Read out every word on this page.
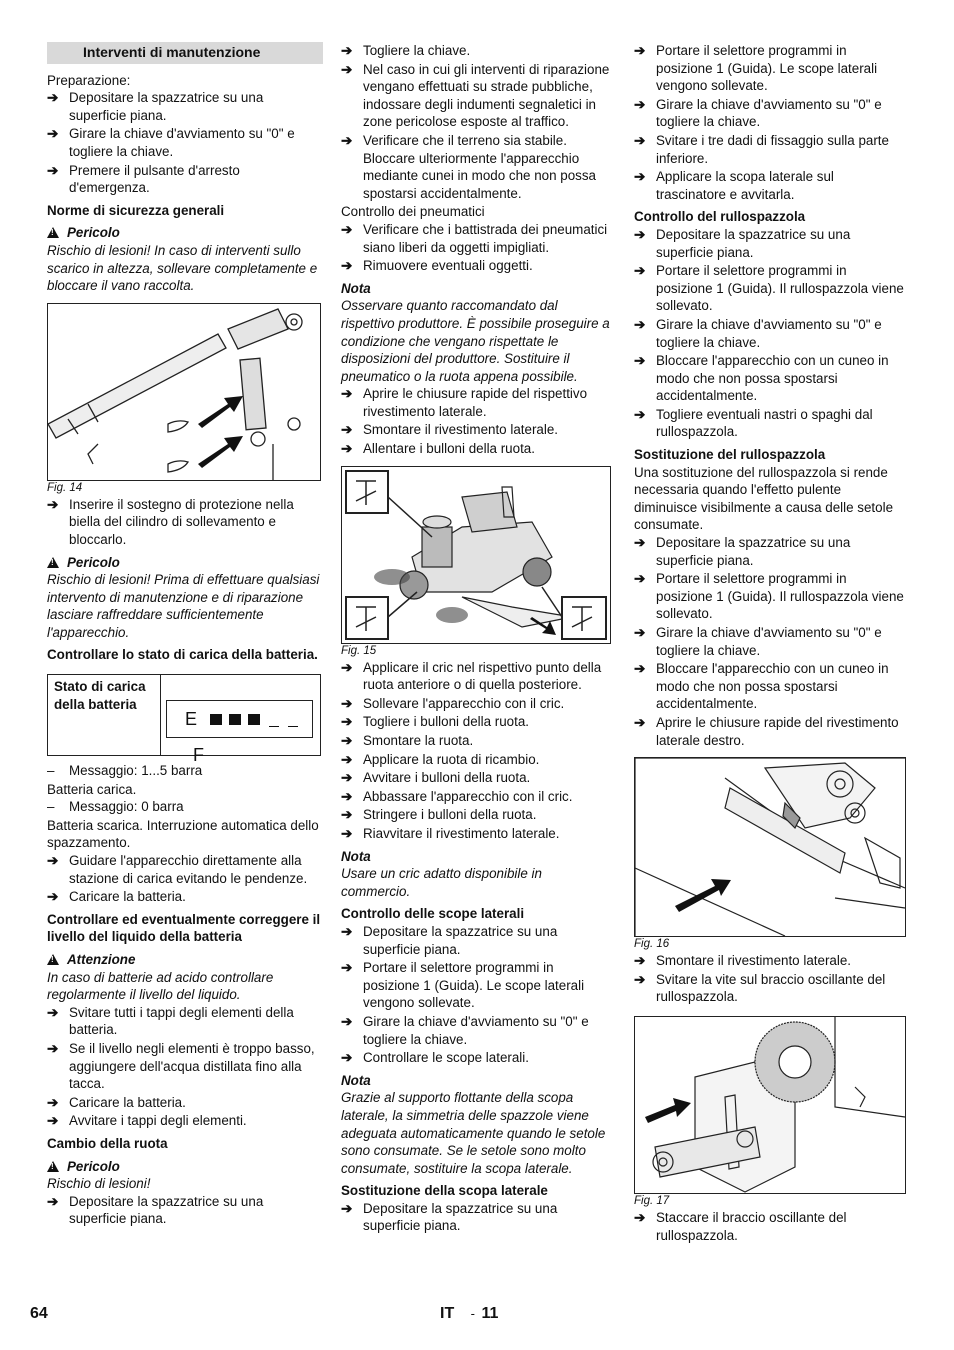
Interventi di manutenzione

Preparazione:

➔ Depositare la spazzatrice su una superficie piana.
➔ Girare la chiave d'avviamento su "0" e togliere la chiave.
➔ Premere il pulsante d'arresto d'emergenza.

Norme di sicurezza generali

!Pericolo

Rischio di lesioni! In caso di interventi sullo scarico in altezza, sollevare completamente e bloccare il vano raccolta.

Fig. 14

➔ Inserire il sostegno di protezione nella biella del cilindro di sollevamento e bloccarlo.

!Pericolo

Rischio di lesioni! Prima di effettuare qualsiasi intervento di manutenzione e di riparazione lasciare raffreddare sufficientemente l'apparecchio.

Controllare lo stato di carica della batteria.

Stato di carica della batteria	
E      F
– Messaggio: 1...5 barra

Batteria carica.

– Messaggio: 0 barra

Batteria scarica. Interruzione automatica dello spazzamento.

➔ Guidare l'apparecchio direttamente alla stazione di carica evitando le pendenze.
➔ Caricare la batteria.

Controllare ed eventualmente correggere il livello del liquido della batteria

!Attenzione

In caso di batterie ad acido controllare regolarmente il livello del liquido.

➔ Svitare tutti i tappi degli elementi della batteria.
➔ Se il livello negli elementi è troppo basso, aggiungere dell'acqua distillata fino alla tacca.
➔ Caricare la batteria.
➔ Avvitare i tappi degli elementi.

Cambio della ruota

!Pericolo

Rischio di lesioni!

➔ Depositare la spazzatrice su una superficie piana.
➔ Togliere la chiave.
➔ Nel caso in cui gli interventi di riparazione vengano effettuati su strade pubbliche, indossare degli indumenti segnaletici in zone pericolose esposte al traffico.
➔ Verificare che il terreno sia stabile. Bloccare ulteriormente l'apparecchio mediante cunei in modo che non possa spostarsi accidentalmente.

Controllo dei pneumatici

➔ Verificare che i battistrada dei pneumatici siano liberi da oggetti impigliati.
➔ Rimuovere eventuali oggetti.

Nota

Osservare quanto raccomandato dal rispettivo produttore. È possibile proseguire a condizione che vengano rispettate le disposizioni del produttore. Sostituire il pneumatico o la ruota appena possibile.

➔ Aprire le chiusure rapide del rispettivo rivestimento laterale.
➔ Smontare il rivestimento laterale.
➔ Allentare i bulloni della ruota.

Fig. 15

➔ Applicare il cric nel rispettivo punto della ruota anteriore o di quella posteriore.
➔ Sollevare l'apparecchio con il cric.
➔ Togliere i bulloni della ruota.
➔ Smontare la ruota.
➔ Applicare la ruota di ricambio.
➔ Avvitare i bulloni della ruota.
➔ Abbassare l'apparecchio con il cric.
➔ Stringere i bulloni della ruota.
➔ Riavvitare il rivestimento laterale.

Nota

Usare un cric adatto disponibile in commercio.

Controllo delle scope laterali

➔ Depositare la spazzatrice su una superficie piana.
➔ Portare il selettore programmi in posizione 1 (Guida). Le scope laterali vengono sollevate.
➔ Girare la chiave d'avviamento su "0" e togliere la chiave.
➔ Controllare le scope laterali.

Nota

Grazie al supporto flottante della scopa laterale, la simmetria delle spazzole viene adeguata automaticamente quando le setole sono consumate. Se le setole sono molto consumate, sostituire la scopa laterale.

Sostituzione della scopa laterale

➔ Depositare la spazzatrice su una superficie piana.
➔ Portare il selettore programmi in posizione 1 (Guida). Le scope laterali vengono sollevate.
➔ Girare la chiave d'avviamento su "0" e togliere la chiave.
➔ Svitare i tre dadi di fissaggio sulla parte inferiore.
➔ Applicare la scopa laterale sul trascinatore e avvitarla.

Controllo del rullospazzola

➔ Depositare la spazzatrice su una superficie piana.
➔ Portare il selettore programmi in posizione 1 (Guida). Il rullospazzola viene sollevato.
➔ Girare la chiave d'avviamento su "0" e togliere la chiave.
➔ Bloccare l'apparecchio con un cuneo in modo che non possa spostarsi accidentalmente.
➔ Togliere eventuali nastri o spaghi dal rullospazzola.

Sostituzione del rullospazzola

Una sostituzione del rullospazzola si rende necessaria quando l'effetto pulente diminuisce visibilmente a causa delle setole consumate.

➔ Depositare la spazzatrice su una superficie piana.
➔ Portare il selettore programmi in posizione 1 (Guida). Il rullospazzola viene sollevato.
➔ Girare la chiave d'avviamento su "0" e togliere la chiave.
➔ Bloccare l'apparecchio con un cuneo in modo che non possa spostarsi accidentalmente.
➔ Aprire le chiusure rapide del rivestimento laterale destro.

Fig. 16

➔ Smontare il rivestimento laterale.
➔ Svitare la vite sul braccio oscillante del rullospazzola.

Fig. 17

➔ Staccare il braccio oscillante del rullospazzola.
64	IT - 11
